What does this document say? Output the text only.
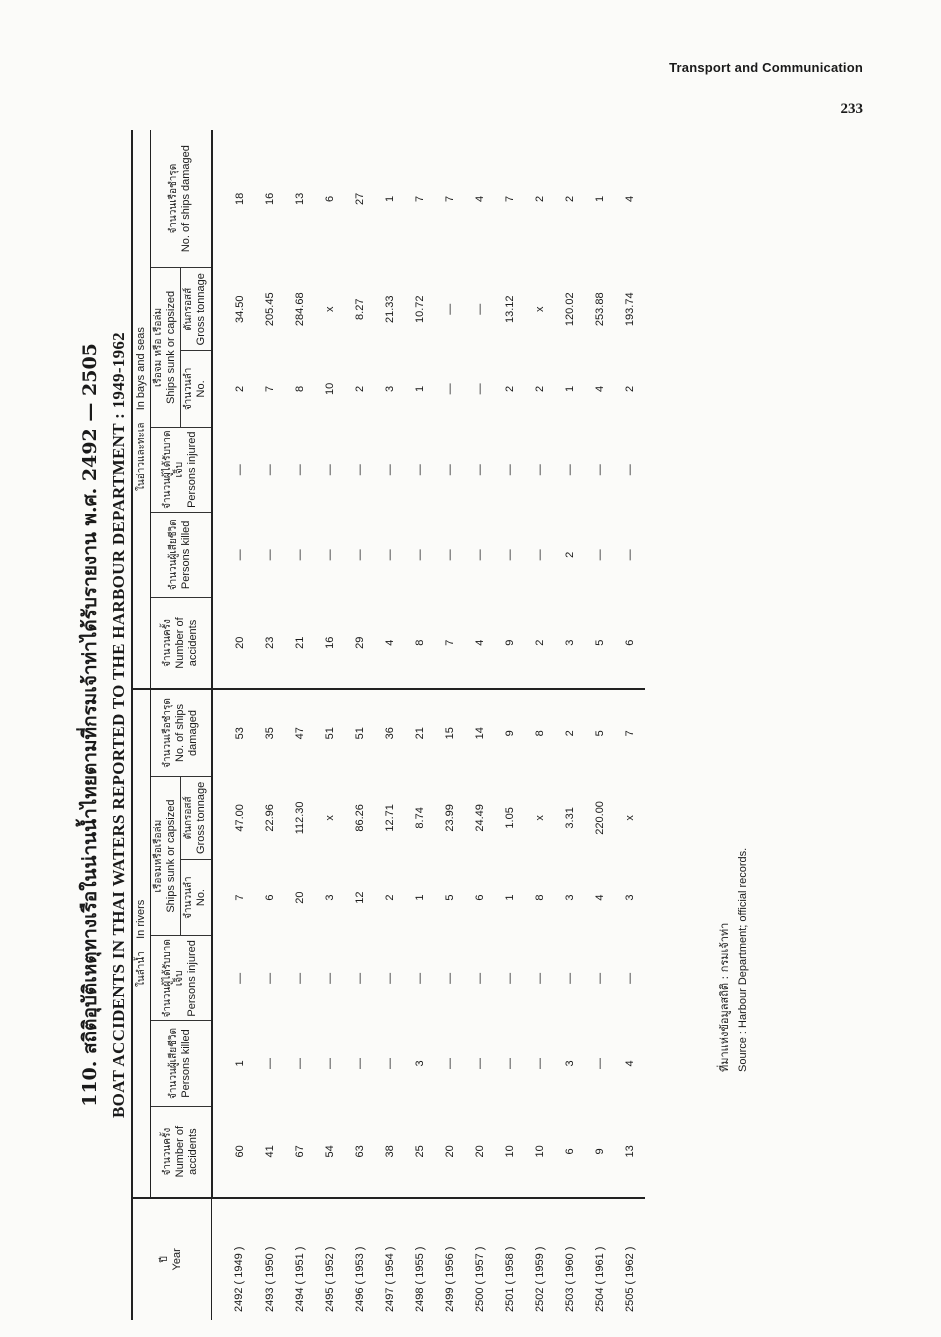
Transport and Communication
233

110. สถิติอุบัติเหตุทางเรือในน่านน้ำไทยตามที่กรมเจ้าท่าได้รับรายงาน พ.ศ. 2492 — 2505 BOAT ACCIDENTS IN THAI WATERS REPORTED TO THE HARBOUR DEPARTMENT : 1949-1962

ปี Year	ในลำน้ำ    In rivers						ในอ่าวและทะเล    In bays and seas					

	จำนวนครั้ง Number of accidents	จำนวนผู้เสียชีวิต Persons killed	จำนวนผู้ได้รับบาดเจ็บ Persons injured	เรือจมหรือเรือล่ม Ships sunk or capsized		จำนวนเรือชำรุด No. of ships damaged	จำนวนครั้ง Number of accidents	จำนวนผู้เสียชีวิต Persons killed	จำนวนผู้ได้รับบาดเจ็บ Persons injured	เรือจม หรือ เรือล่ม Ships sunk or capsized		จำนวนเรือชำรุด No. of ships damaged

				จำนวนลำ No.	ตันกรอสส์ Gross tonnage					จำนวนลำ No.	ตันกรอสส์ Gross tonnage	

2492 ( 1949 )	60	1	—	7	47.00	53	20	—	—	2	34.50	18
2493 ( 1950 )	41	—	—	6	22.96	35	23	—	—	7	205.45	16
2494 ( 1951 )	67	—	—	20	112.30	47	21	—	—	8	284.68	13
2495 ( 1952 )	54	—	—	3	x	51	16	—	—	10	x	6
2496 ( 1953 )	63	—	—	12	86.26	51	29	—	—	2	8.27	27
2497 ( 1954 )	38	—	—	2	12.71	36	4	—	—	3	21.33	1
2498 ( 1955 )	25	3	—	1	8.74	21	8	—	—	1	10.72	7
2499 ( 1956 )	20	—	—	5	23.99	15	7	—	—	—	—	7
2500 ( 1957 )	20	—	—	6	24.49	14	4	—	—	—	—	4
2501 ( 1958 )	10	—	—	1	1.05	9	9	—	—	2	13.12	7
2502 ( 1959 )	10	—	—	8	x	8	2	—	—	2	x	2
2503 ( 1960 )	6	3	—	3	3.31	2	3	2	—	1	120.02	2
2504 ( 1961 )	9	—	—	4	220.00	5	5	—	—	4	253.88	1
2505 ( 1962 )	13	4	—	3	x	7	6	—	—	2	193.74	4

ที่มาแห่งข้อมูลสถิติ : กรมเจ้าท่า Source : Harbour Department; official records.
